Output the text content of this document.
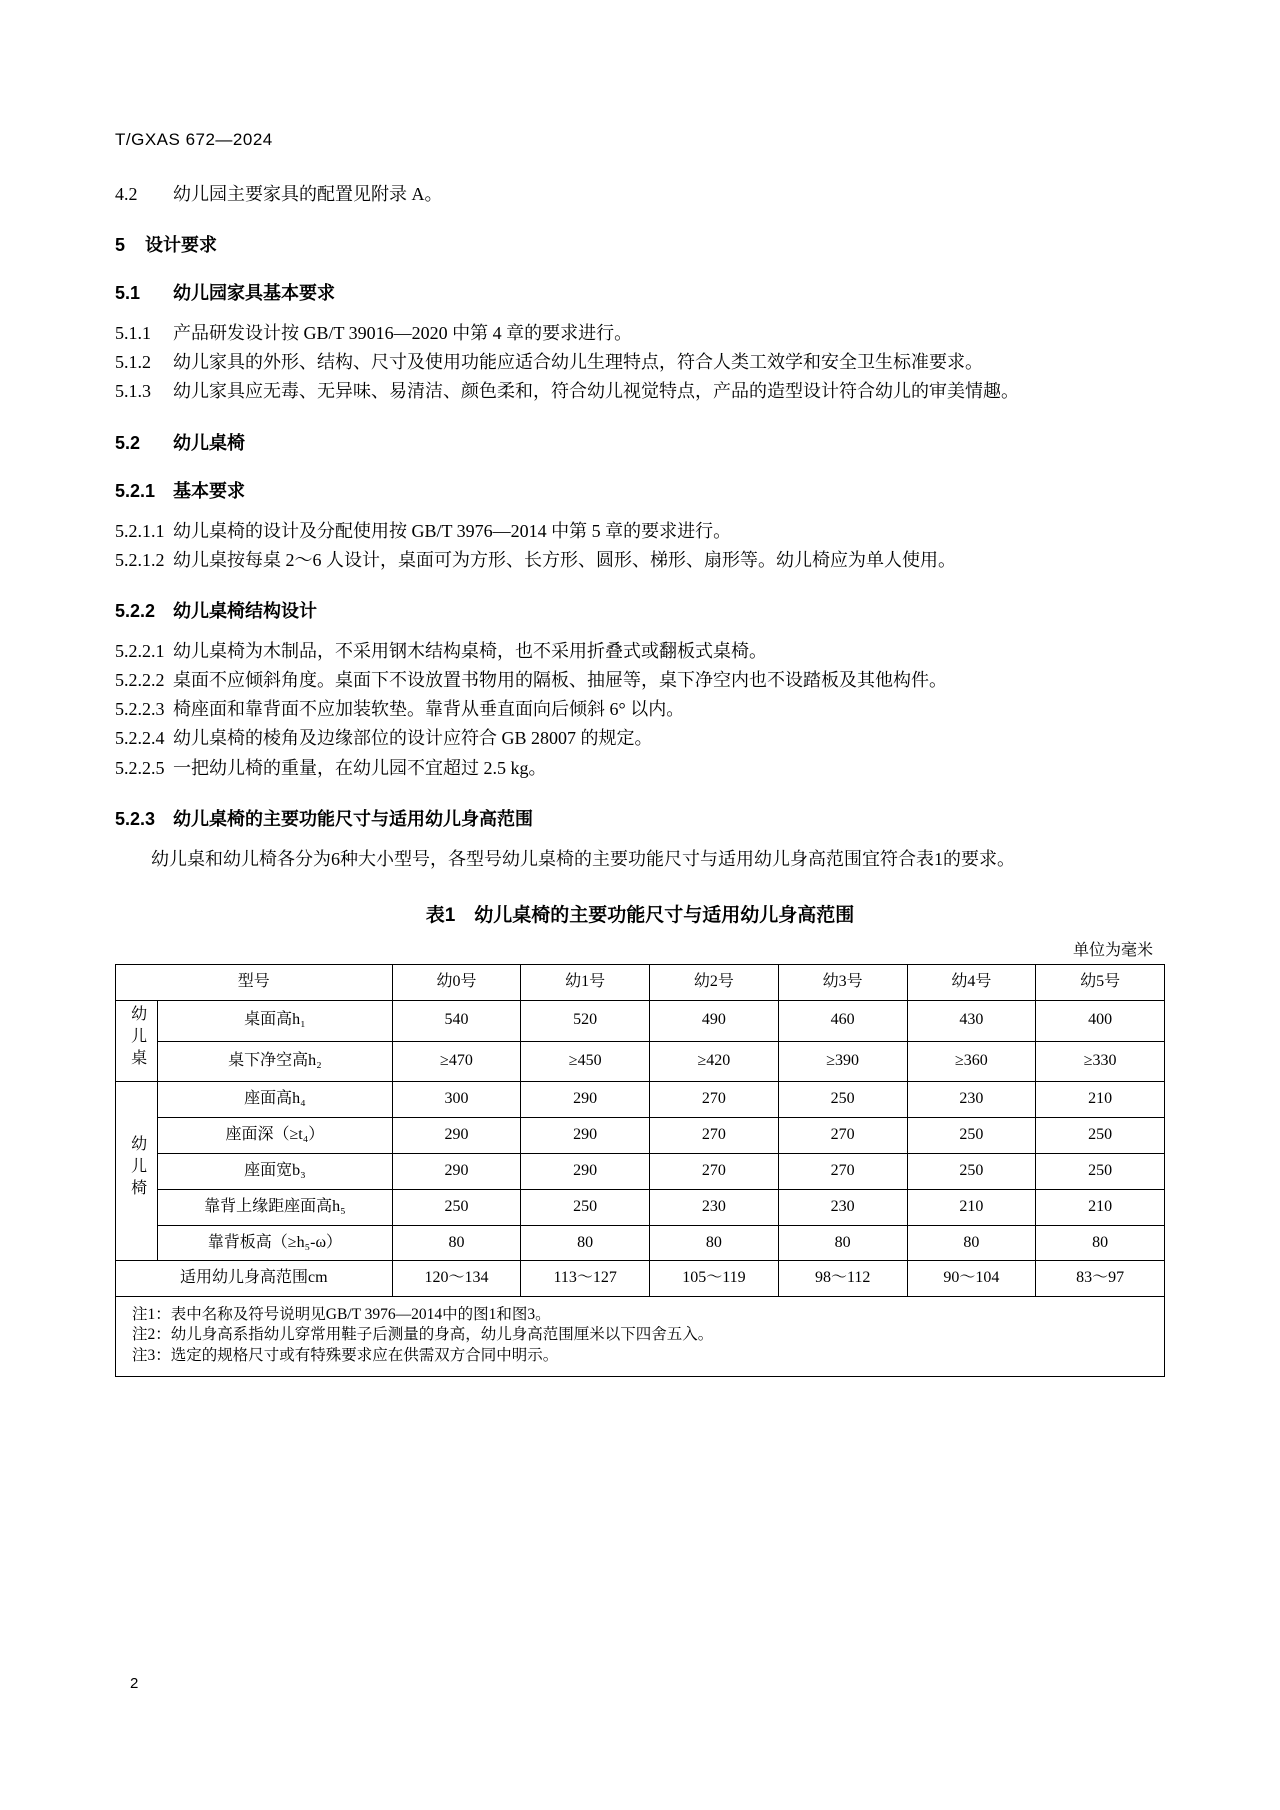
T/GXAS 672—2024
4.2 幼儿园主要家具的配置见附录 A。
5 设计要求
5.1 幼儿园家具基本要求
5.1.1 产品研发设计按 GB/T 39016—2020 中第 4 章的要求进行。
5.1.2 幼儿家具的外形、结构、尺寸及使用功能应适合幼儿生理特点，符合人类工效学和安全卫生标准要求。
5.1.3 幼儿家具应无毒、无异味、易清洁、颜色柔和，符合幼儿视觉特点，产品的造型设计符合幼儿的审美情趣。
5.2 幼儿桌椅
5.2.1 基本要求
5.2.1.1 幼儿桌椅的设计及分配使用按 GB/T 3976—2014 中第 5 章的要求进行。
5.2.1.2 幼儿桌按每桌 2～6 人设计，桌面可为方形、长方形、圆形、梯形、扇形等。幼儿椅应为单人使用。
5.2.2 幼儿桌椅结构设计
5.2.2.1 幼儿桌椅为木制品，不采用钢木结构桌椅，也不采用折叠式或翻板式桌椅。
5.2.2.2 桌面不应倾斜角度。桌面下不设放置书物用的隔板、抽屉等，桌下净空内也不设踏板及其他构件。
5.2.2.3 椅座面和靠背面不应加装软垫。靠背从垂直面向后倾斜 6° 以内。
5.2.2.4 幼儿桌椅的棱角及边缘部位的设计应符合 GB 28007 的规定。
5.2.2.5 一把幼儿椅的重量，在幼儿园不宜超过 2.5 kg。
5.2.3 幼儿桌椅的主要功能尺寸与适用幼儿身高范围
幼儿桌和幼儿椅各分为6种大小型号，各型号幼儿桌椅的主要功能尺寸与适用幼儿身高范围宜符合表1的要求。
表1　幼儿桌椅的主要功能尺寸与适用幼儿身高范围
单位为毫米
型号		幼0号	幼1号	幼2号	幼3号	幼4号	幼5号
幼儿桌	桌面高h₁	540	520	490	460	430	400
	桌下净空高h₂	≥470	≥450	≥420	≥390	≥360	≥330
幼儿椅	座面高h₄	300	290	270	250	230	210
	座面深（≥t₄）	290	290	270	270	250	250
	座面宽b₃	290	290	270	270	250	250
	靠背上缘距座面高h₅	250	250	230	230	210	210
	靠背板高（≥h₅-ω）	80	80	80	80	80	80
适用幼儿身高范围cm		120～134	113～127	105～119	98～112	90～104	83～97

注1：表中名称及符号说明见GB/T 3976—2014中的图1和图3。
注2：幼儿身高系指幼儿穿常用鞋子后测量的身高，幼儿身高范围厘米以下四舍五入。
注3：选定的规格尺寸或有特殊要求应在供需双方合同中明示。							
2
